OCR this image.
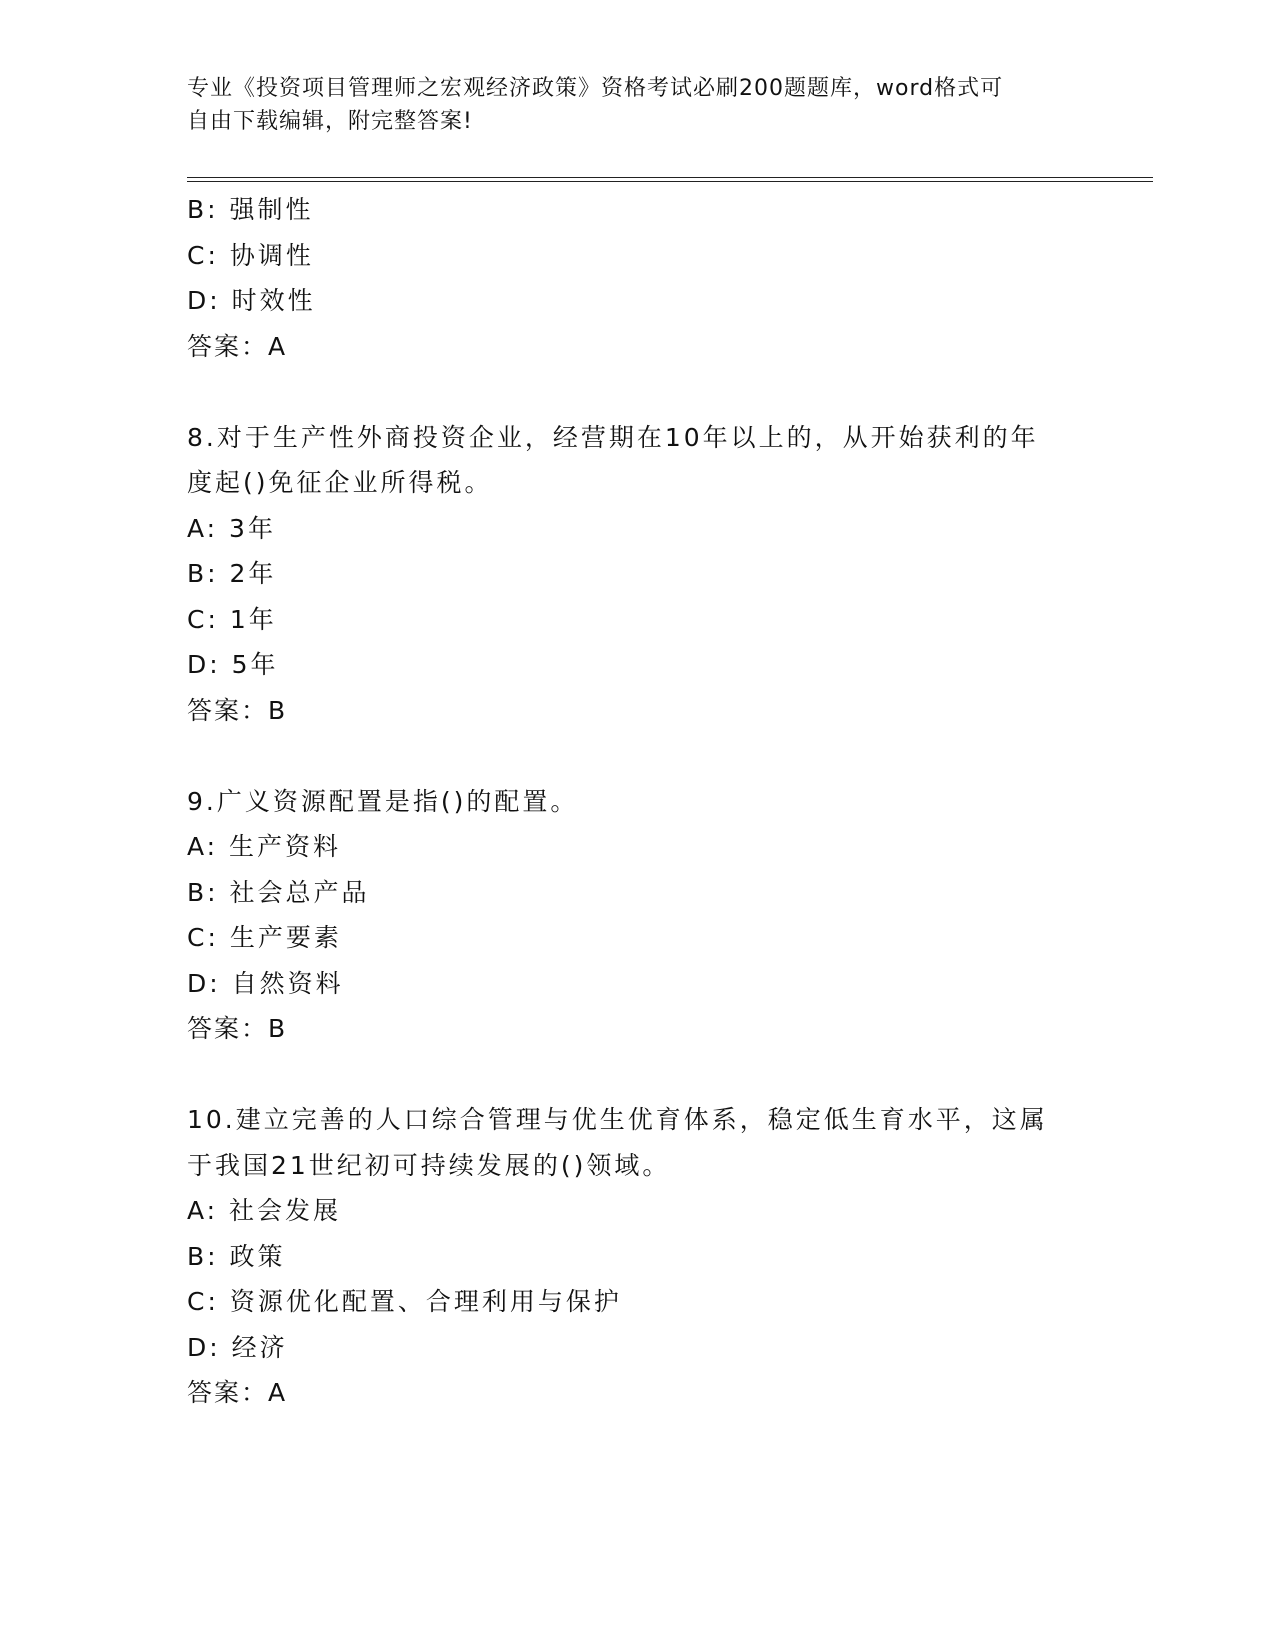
专业《投资项目管理师之宏观经济政策》资格考试必刷200题题库，word格式可
自由下载编辑，附完整答案!
B: 强制性
C: 协调性
D: 时效性
答案：A
8.对于生产性外商投资企业，经营期在10年以上的，从开始获利的年
度起()免征企业所得税。
A: 3年
B: 2年
C: 1年
D: 5年
答案：B
9.广义资源配置是指()的配置。
A: 生产资料
B: 社会总产品
C: 生产要素
D: 自然资料
答案：B
10.建立完善的人口综合管理与优生优育体系，稳定低生育水平，这属
于我国21世纪初可持续发展的()领域。
A: 社会发展
B: 政策
C: 资源优化配置、合理利用与保护
D: 经济
答案：A
